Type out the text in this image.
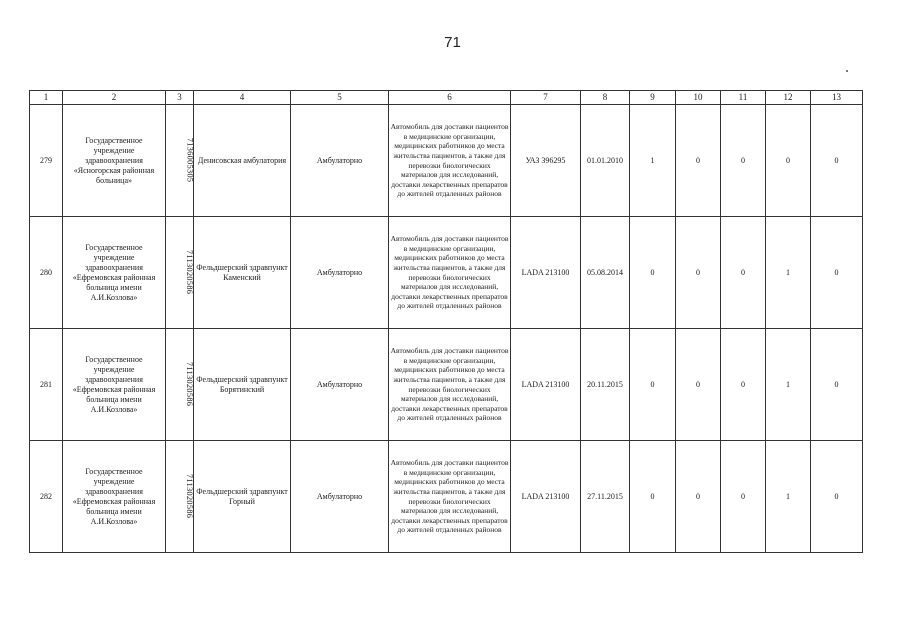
71
1	2	3	4	5	6	7	8	9	10	11	12	13
279	Государственное учреждение здравоохранения «Ясногорская районная больница»	7136005305	Денисовская амбулатория	Амбулаторно	Автомобиль для доставки пациентов в медицинские организации, медицинских работников до места жительства пациентов, а также для перевозки биологических материалов для исследований, доставки лекарственных препаратов до жителей отдаленных районов	УАЗ 396295	01.01.2010	1	0	0	0	0
280	Государственное учреждение здравоохранения «Ефремовская районная больница имени А.И.Козлова»	7113020586	Фельдшерский здравпункт Каменский	Амбулаторно	Автомобиль для доставки пациентов в медицинские организации, медицинских работников до места жительства пациентов, а также для перевозки биологических материалов для исследований, доставки лекарственных препаратов до жителей отдаленных районов	LADA 213100	05.08.2014	0	0	0	1	0
281	Государственное учреждение здравоохранения «Ефремовская районная больница имени А.И.Козлова»	7113020586	Фельдшерский здравпункт Борятинский	Амбулаторно	Автомобиль для доставки пациентов в медицинские организации, медицинских работников до места жительства пациентов, а также для перевозки биологических материалов для исследований, доставки лекарственных препаратов до жителей отдаленных районов	LADA 213100	20.11.2015	0	0	0	1	0
282	Государственное учреждение здравоохранения «Ефремовская районная больница имени А.И.Козлова»	7113020586	Фельдшерский здравпункт Горный	Амбулаторно	Автомобиль для доставки пациентов в медицинские организации, медицинских работников до места жительства пациентов, а также для перевозки биологических материалов для исследований, доставки лекарственных препаратов до жителей отдаленных районов	LADA 213100	27.11.2015	0	0	0	1	0
